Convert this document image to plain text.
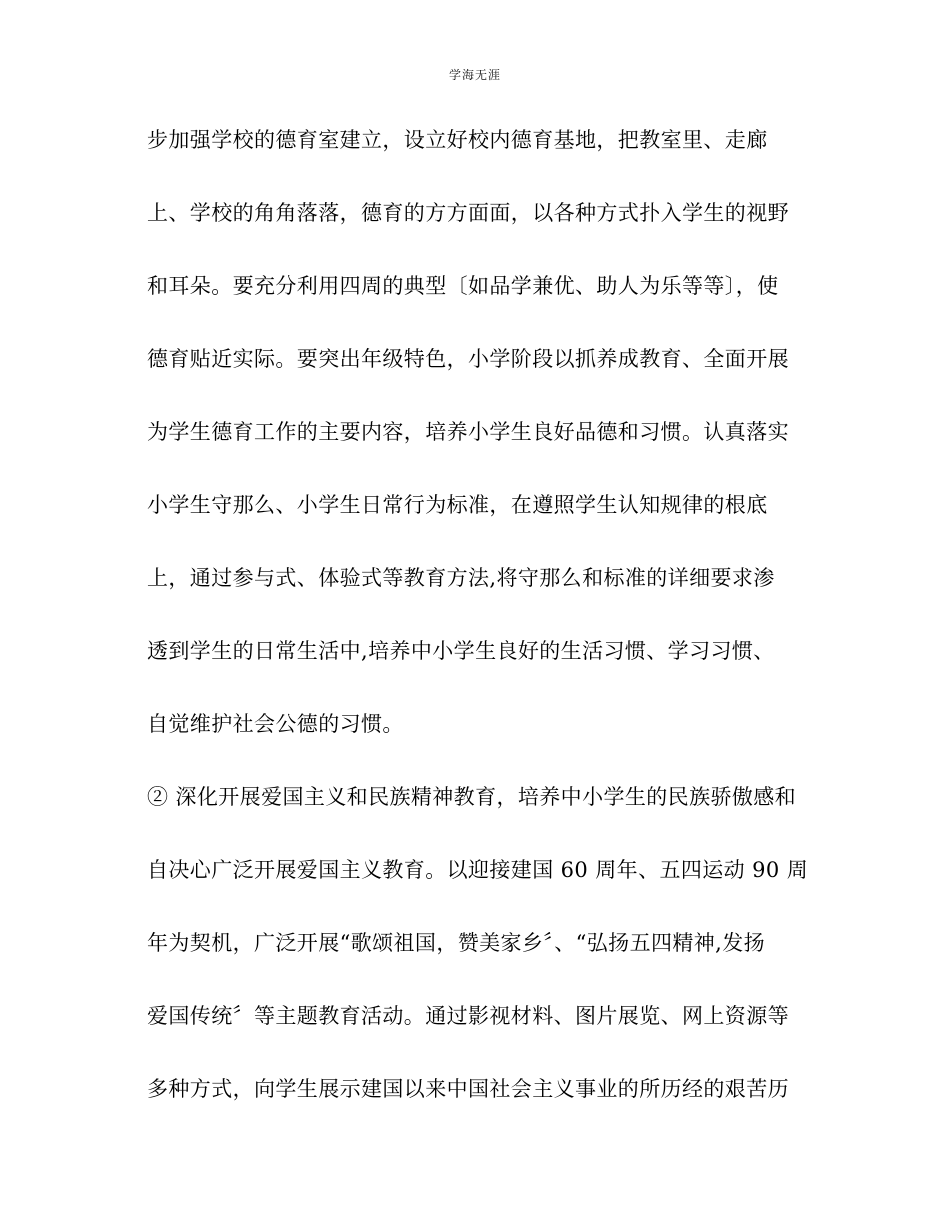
学海无涯
步加强学校的德育室建立，设立好校内德育基地，把教室里、走廊
上、学校的角角落落，德育的方方面面，以各种方式扑入学生的视野
和耳朵。要充分利用四周的典型〔如品学兼优、助人为乐等等〕，使
德育贴近实际。要突出年级特色，小学阶段以抓养成教育、全面开展
为学生德育工作的主要内容，培养小学生良好品德和习惯。认真落实
小学生守那么、小学生日常行为标准，在遵照学生认知规律的根底
上，通过参与式、体验式等教育方法,将守那么和标准的详细要求渗
透到学生的日常生活中,培养中小学生良好的生活习惯、学习习惯、
自觉维护社会公德的习惯。
② 深化开展爱国主义和民族精神教育，培养中小学生的民族骄傲感和
自决心广泛开展爱国主义教育。以迎接建国 60 周年、五四运动 90 周
年为契机，广泛开展“歌颂祖国，赞美家乡〞、“弘扬五四精神,发扬
爱国传统〞等主题教育活动。通过影视材料、图片展览、网上资源等
多种方式，向学生展示建国以来中国社会主义事业的所历经的艰苦历
